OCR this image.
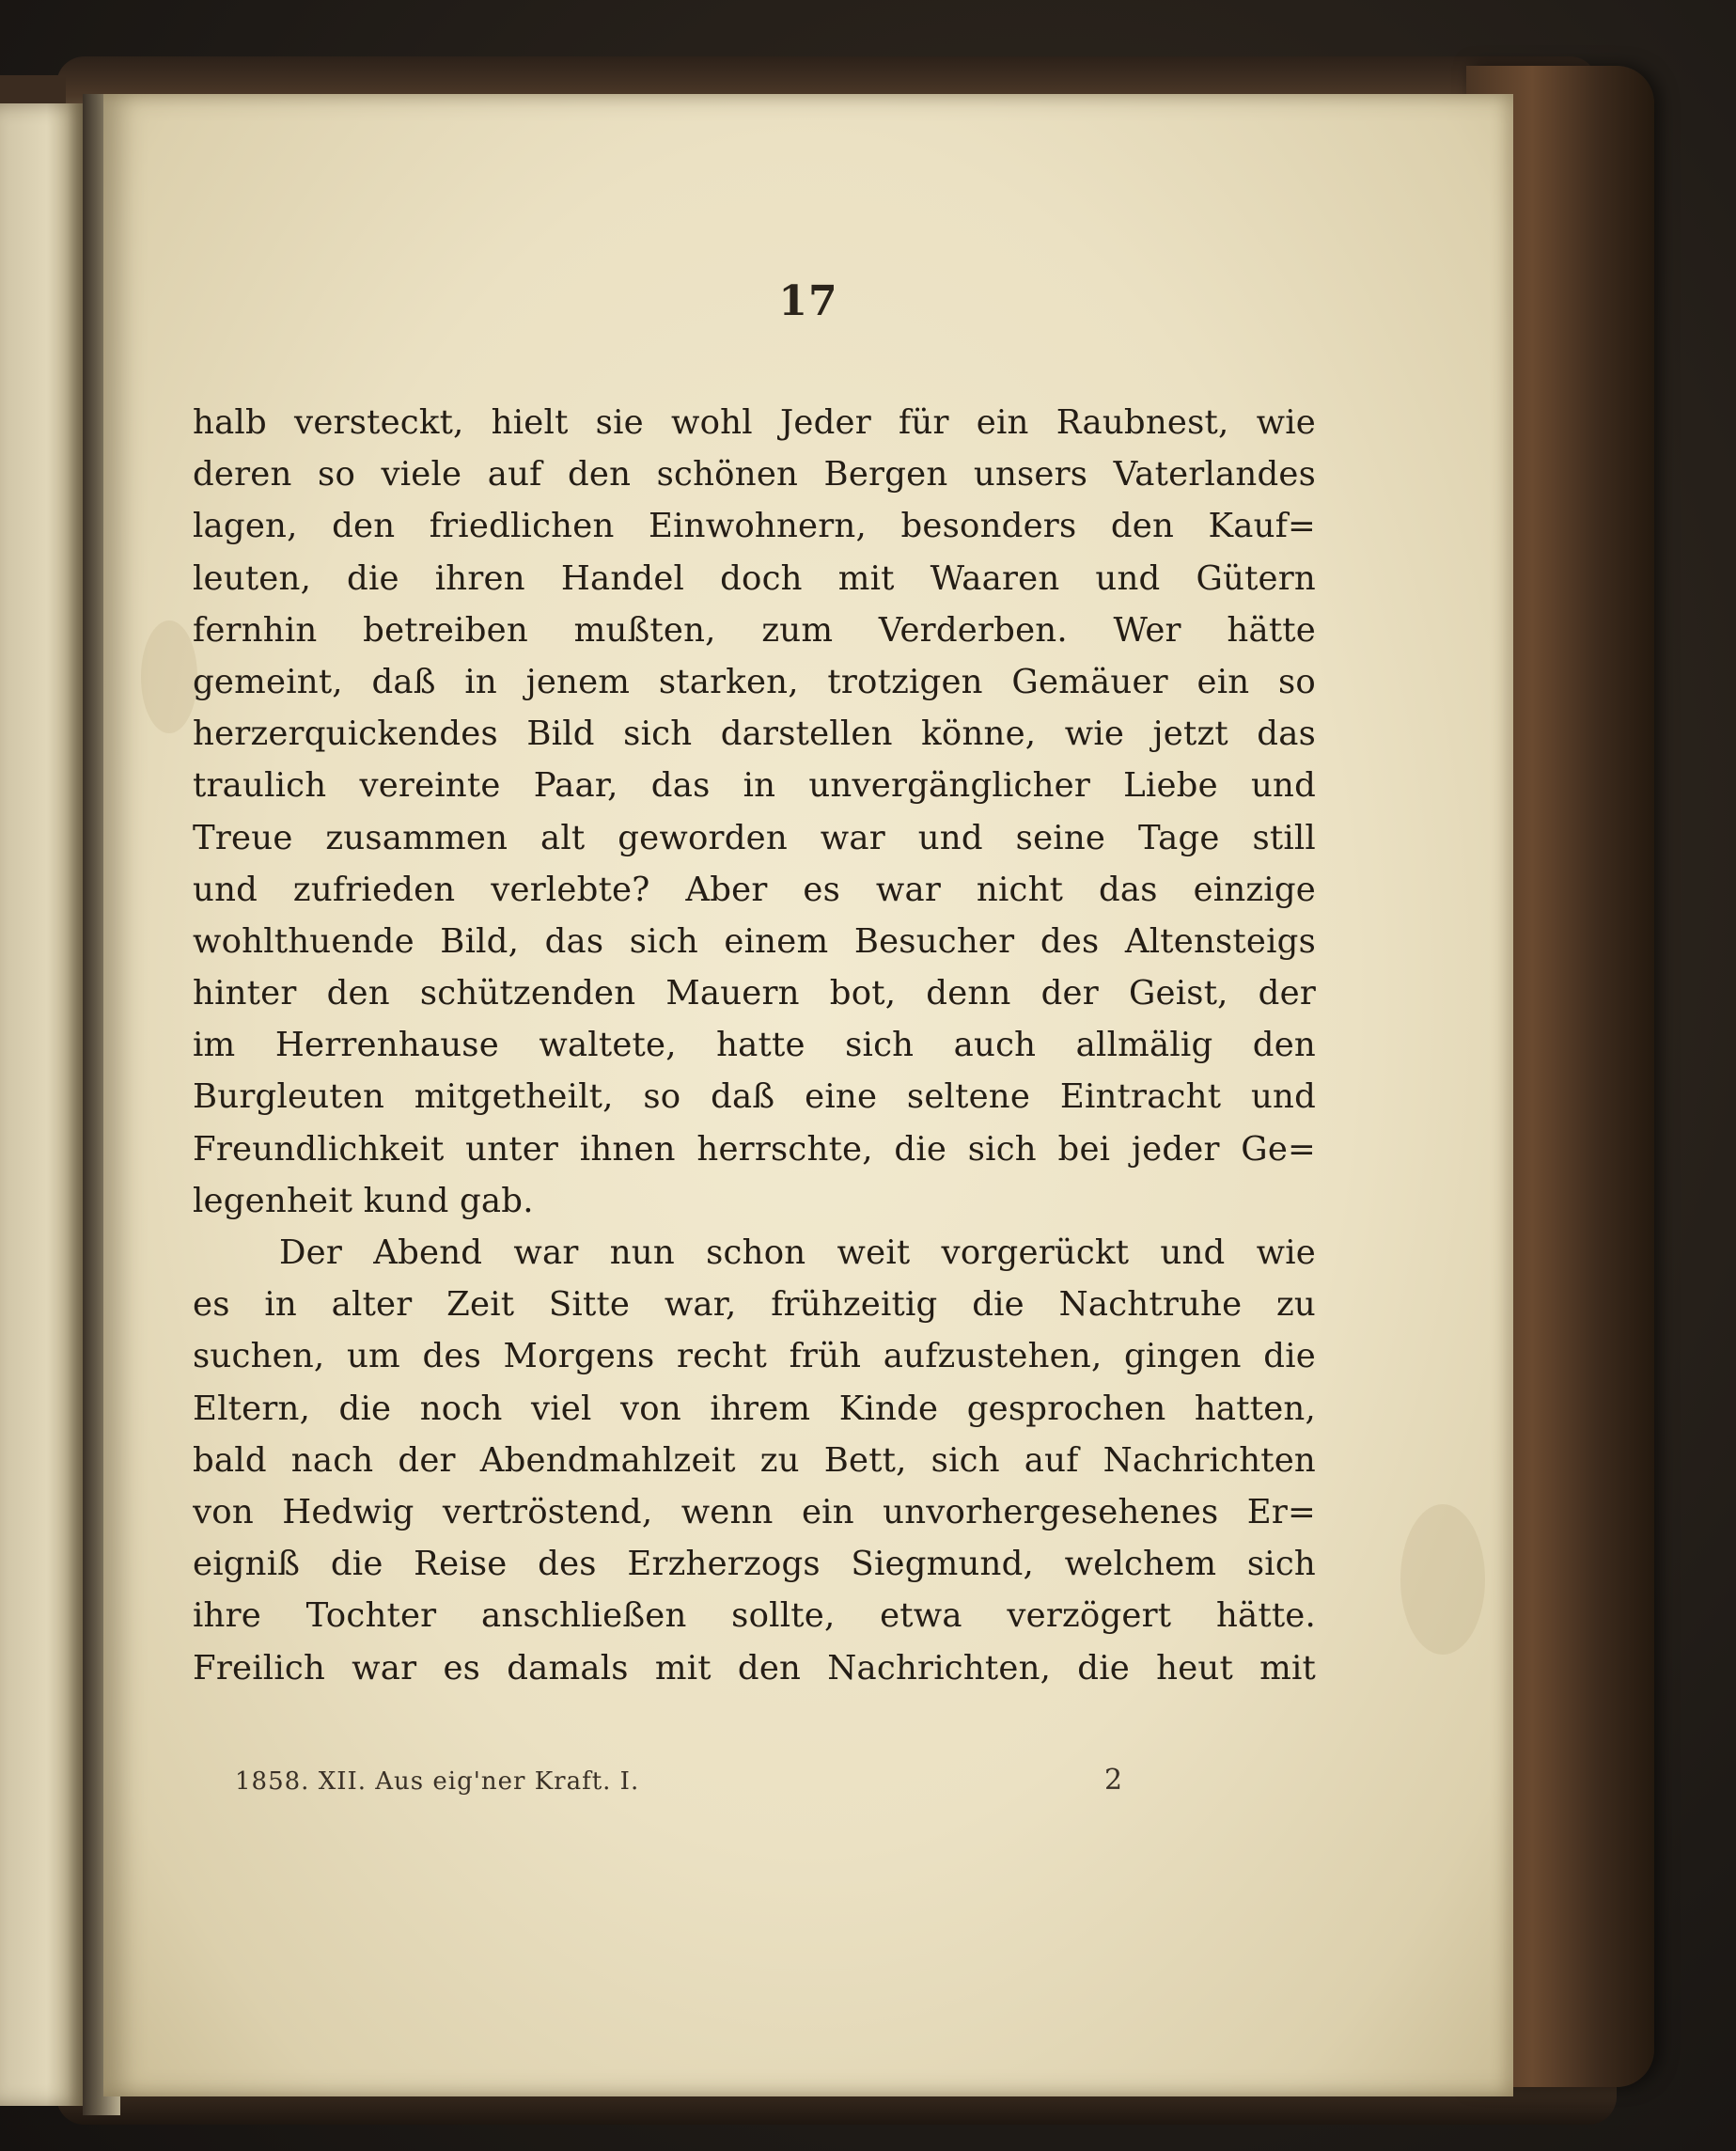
17
halb versteckt, hielt sie wohl Jeder für ein Raubnest, wie
deren so viele auf den schönen Bergen unsers Vaterlandes
lagen, den friedlichen Einwohnern, besonders den Kauf=
leuten, die ihren Handel doch mit Waaren und Gütern
fernhin betreiben mußten, zum Verderben. Wer hätte
gemeint, daß in jenem starken, trotzigen Gemäuer ein so
herzerquickendes Bild sich darstellen könne, wie jetzt das
traulich vereinte Paar, das in unvergänglicher Liebe und
Treue zusammen alt geworden war und seine Tage still
und zufrieden verlebte? Aber es war nicht das einzige
wohlthuende Bild, das sich einem Besucher des Altensteigs
hinter den schützenden Mauern bot, denn der Geist, der
im Herrenhause waltete, hatte sich auch allmälig den
Burgleuten mitgetheilt, so daß eine seltene Eintracht und
Freundlichkeit unter ihnen herrschte, die sich bei jeder Ge=
legenheit kund gab.
Der Abend war nun schon weit vorgerückt und wie
es in alter Zeit Sitte war, frühzeitig die Nachtruhe zu
suchen, um des Morgens recht früh aufzustehen, gingen die
Eltern, die noch viel von ihrem Kinde gesprochen hatten,
bald nach der Abendmahlzeit zu Bett, sich auf Nachrichten
von Hedwig vertröstend, wenn ein unvorhergesehenes Er=
eigniß die Reise des Erzherzogs Siegmund, welchem sich
ihre Tochter anschließen sollte, etwa verzögert hätte.
Freilich war es damals mit den Nachrichten, die heut mit
1858. XII. Aus eig'ner Kraft. I.	2
